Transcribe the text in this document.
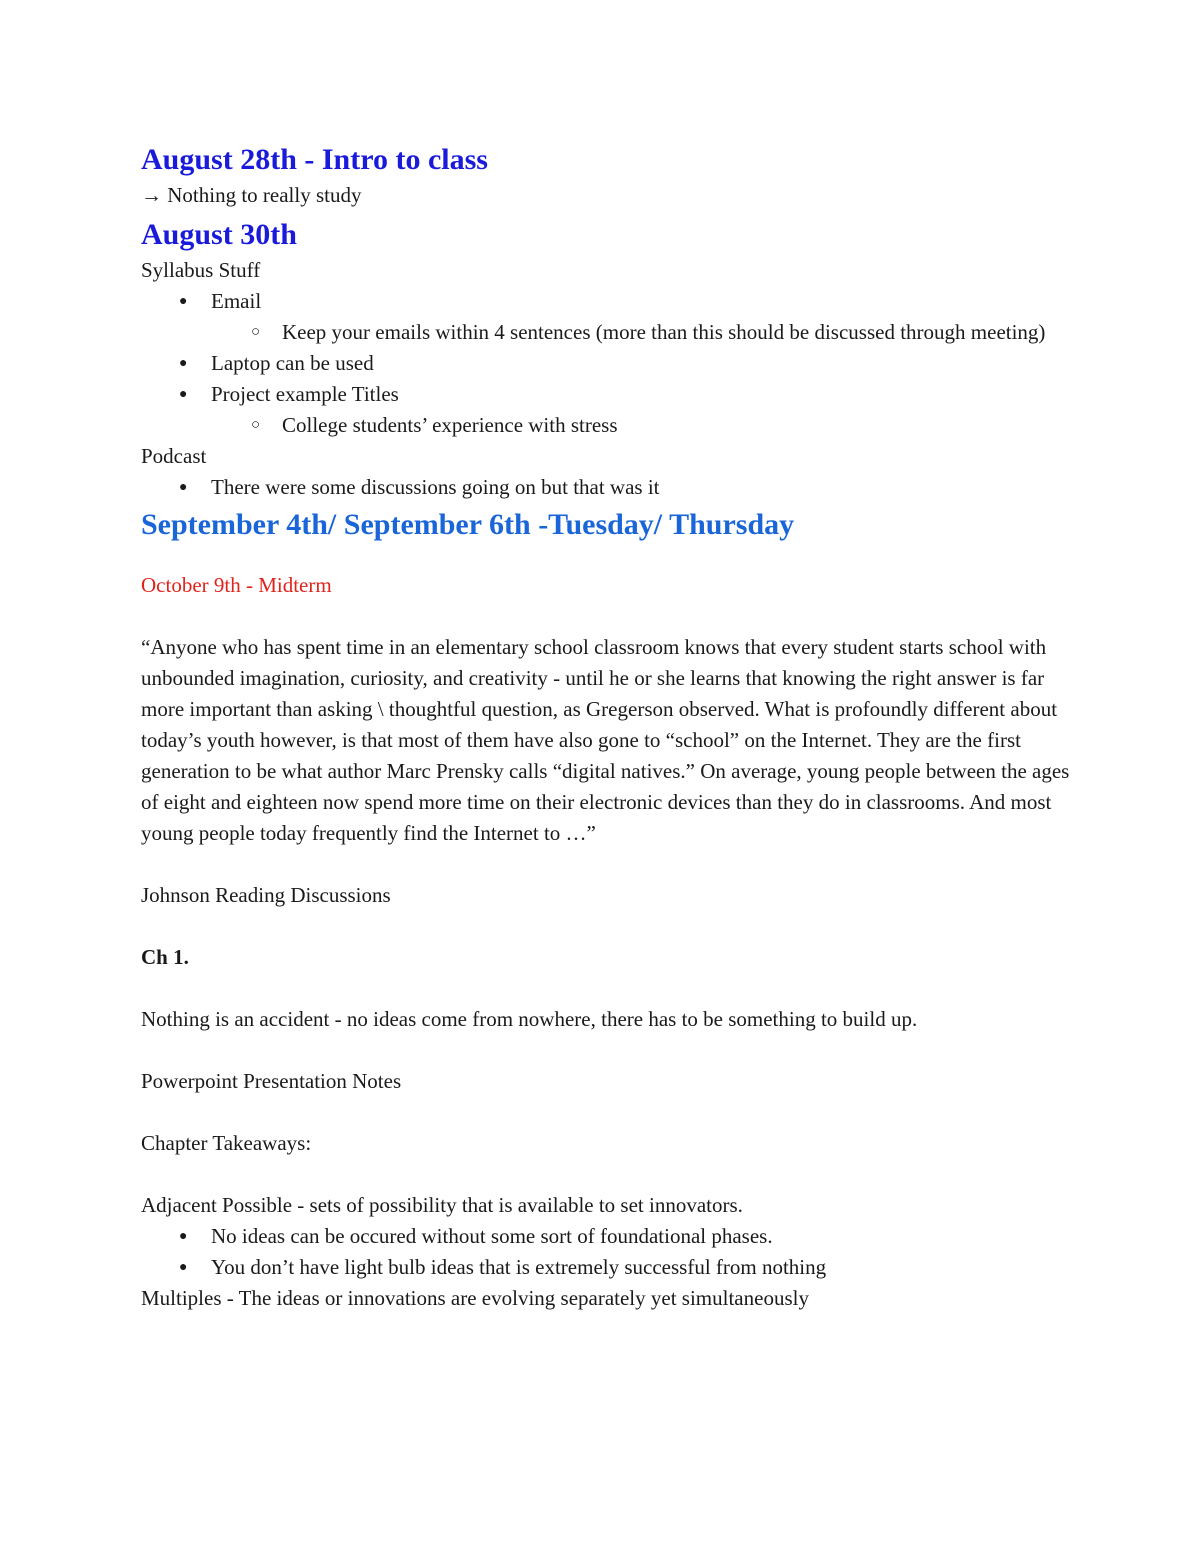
August 28th - Intro to class

→ Nothing to really study

August 30th

Syllabus Stuff

● Email
○ Keep your emails within 4 sentences (more than this should be discussed through meeting)
● Laptop can be used
● Project example Titles
○ College students’ experience with stress

Podcast

● There were some discussions going on but that was it
September 4th/ September 6th -Tuesday/ Thursday

October 9th - Midterm

“Anyone who has spent time in an elementary school classroom knows that every student starts school with unbounded imagination, curiosity, and creativity - until he or she learns that knowing the right answer is far more important than asking \ thoughtful question, as Gregerson observed. What is profoundly different about today’s youth however, is that most of them have also gone to “school” on the Internet. They are the first generation to be what author Marc Prensky calls “digital natives.” On average, young people between the ages of eight and eighteen now spend more time on their electronic devices than they do in classrooms. And most young people today frequently find the Internet to …”

Johnson Reading Discussions

Ch 1.

Nothing is an accident - no ideas come from nowhere, there has to be something to build up.

Powerpoint Presentation Notes

Chapter Takeaways:

Adjacent Possible - sets of possibility that is available to set innovators.

● No ideas can be occured without some sort of foundational phases.
● You don’t have light bulb ideas that is extremely successful from nothing

Multiples - The ideas or innovations are evolving separately yet simultaneously
